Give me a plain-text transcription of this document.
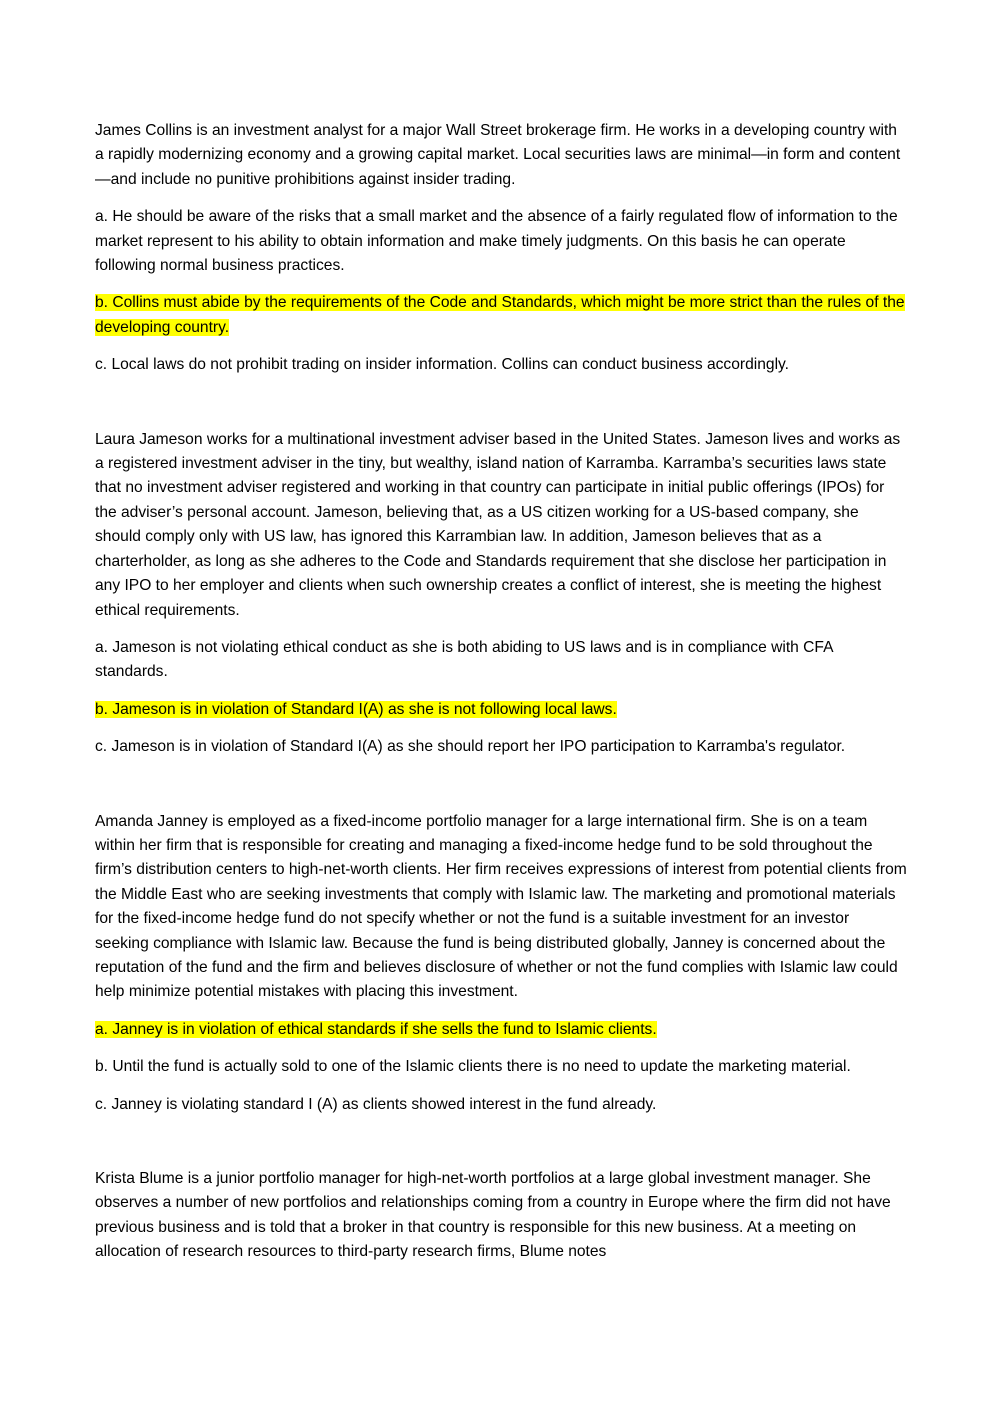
James Collins is an investment analyst for a major Wall Street brokerage firm. He works in a developing country with a rapidly modernizing economy and a growing capital market. Local securities laws are minimal—in form and content—and include no punitive prohibitions against insider trading.

a. He should be aware of the risks that a small market and the absence of a fairly regulated flow of information to the market represent to his ability to obtain information and make timely judgments. On this basis he can operate following normal business practices.

b. Collins must abide by the requirements of the Code and Standards, which might be more strict than the rules of the developing country.

c. Local laws do not prohibit trading on insider information. Collins can conduct business accordingly.

Laura Jameson works for a multinational investment adviser based in the United States. Jameson lives and works as a registered investment adviser in the tiny, but wealthy, island nation of Karramba. Karramba’s securities laws state that no investment adviser registered and working in that country can participate in initial public offerings (IPOs) for the adviser’s personal account. Jameson, believing that, as a US citizen working for a US-based company, she should comply only with US law, has ignored this Karrambian law. In addition, Jameson believes that as a charterholder, as long as she adheres to the Code and Standards requirement that she disclose her participation in any IPO to her employer and clients when such ownership creates a conflict of interest, she is meeting the highest ethical requirements.

a. Jameson is not violating ethical conduct as she is both abiding to US laws and is in compliance with CFA standards.

b. Jameson is in violation of Standard I(A) as she is not following local laws.

c. Jameson is in violation of Standard I(A) as she should report her IPO participation to Karramba's regulator.

Amanda Janney is employed as a fixed-income portfolio manager for a large international firm. She is on a team within her firm that is responsible for creating and managing a fixed-income hedge fund to be sold throughout the firm’s distribution centers to high-net-worth clients. Her firm receives expressions of interest from potential clients from the Middle East who are seeking investments that comply with Islamic law. The marketing and promotional materials for the fixed-income hedge fund do not specify whether or not the fund is a suitable investment for an investor seeking compliance with Islamic law. Because the fund is being distributed globally, Janney is concerned about the reputation of the fund and the firm and believes disclosure of whether or not the fund complies with Islamic law could help minimize potential mistakes with placing this investment.

a. Janney is in violation of ethical standards if she sells the fund to Islamic clients.

b. Until the fund is actually sold to one of the Islamic clients there is no need to update the marketing material.

c. Janney is violating standard I (A) as clients showed interest in the fund already.

Krista Blume is a junior portfolio manager for high-net-worth portfolios at a large global investment manager. She observes a number of new portfolios and relationships coming from a country in Europe where the firm did not have previous business and is told that a broker in that country is responsible for this new business. At a meeting on allocation of research resources to third-party research firms, Blume notes
